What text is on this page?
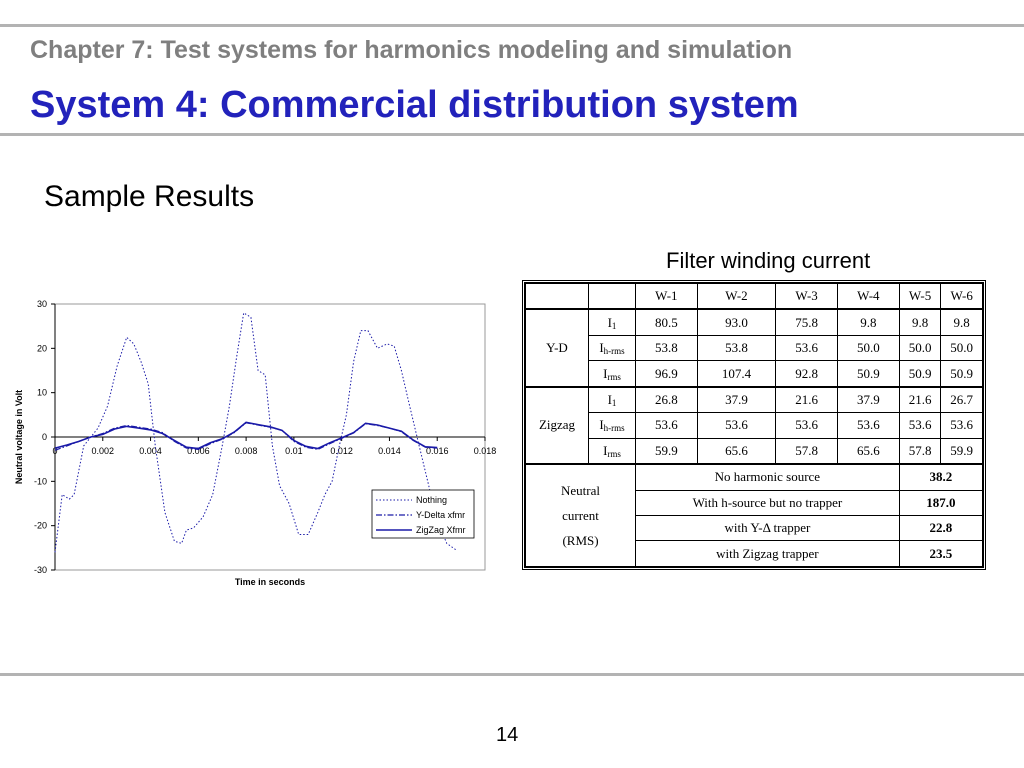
Chapter 7: Test systems for harmonics modeling and simulation
System 4: Commercial distribution system
Sample Results
Filter winding current
30
20
10
0
-10
-20
-30
0	0.002	0.004	0.006	0.008	0.01	0.012	0.014	0.016	0.018
Time in seconds
Neutral voltage in Volt
Nothing
Y-Delta xfmr
ZigZag Xfmr
		W-1	W-2	W-3	W-4	W-5	W-6
Y-D	I1	80.5	93.0	75.8	9.8	9.8	9.8
	Ih-rms	53.8	53.8	53.6	50.0	50.0	50.0
	Irms	96.9	107.4	92.8	50.9	50.9	50.9
Zigzag	I1	26.8	37.9	21.6	37.9	21.6	26.7
	Ih-rms	53.6	53.6	53.6	53.6	53.6	53.6
	Irms	59.9	65.6	57.8	65.6	57.8	59.9

Neutral
current
(RMS)		No harmonic source				38.2	
		With h-source but no trapper				187.0	
		with Y-Δ trapper				22.8	
		with Zigzag trapper				23.5	
14
